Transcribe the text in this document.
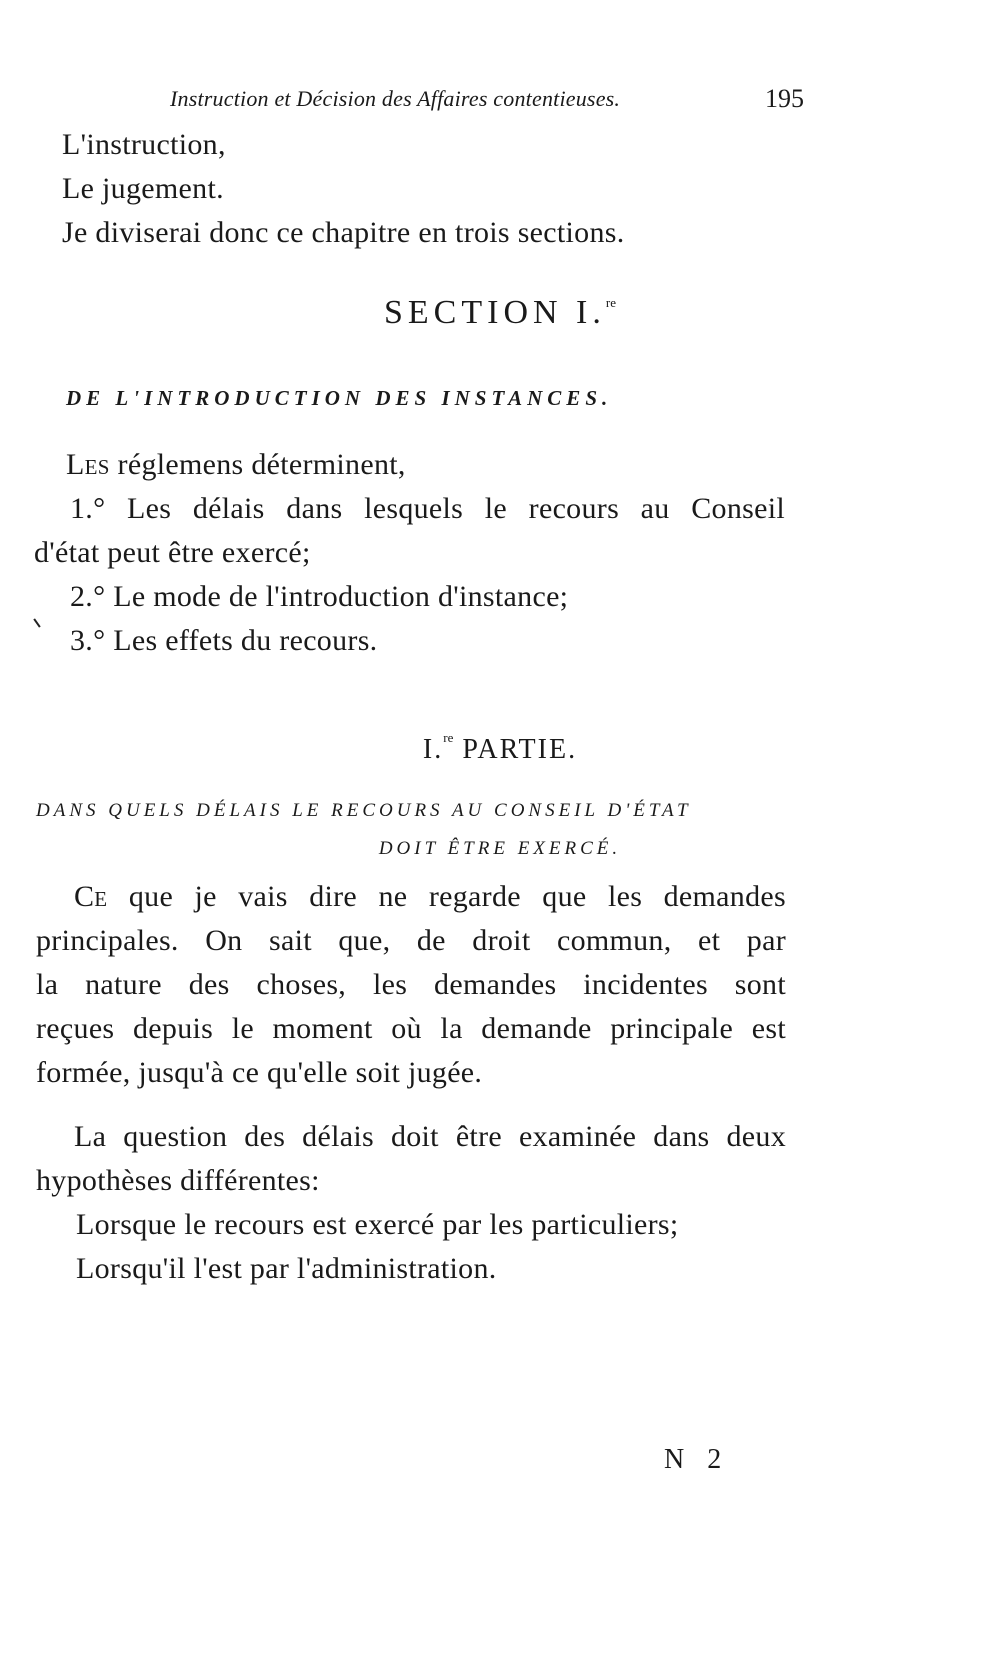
Instruction et Décision des Affaires contentieuses.	195
L'instruction,
Le jugement.
Je diviserai donc ce chapitre en trois sections.
SECTION I.$^{re}$
DE L'INTRODUCTION DES INSTANCES.
Les réglemens déterminent,
1.° Les délais dans lesquels le recours au Conseil
d'état peut être exercé;
2.° Le mode de l'introduction d'instance;
3.° Les effets du recours.
I.$^{re}$ PARTIE.
DANS QUELS DÉLAIS LE RECOURS AU CONSEIL D'ÉTAT
DOIT ÊTRE EXERCÉ.
Ce que je vais dire ne regarde que les demandes
principales. On sait que, de droit commun, et par
la nature des choses, les demandes incidentes sont
reçues depuis le moment où la demande principale est
formée, jusqu'à ce qu'elle soit jugée.
La question des délais doit être examinée dans deux
hypothèses différentes:
Lorsque le recours est exercé par les particuliers;
Lorsqu'il l'est par l'administration.
N 2
